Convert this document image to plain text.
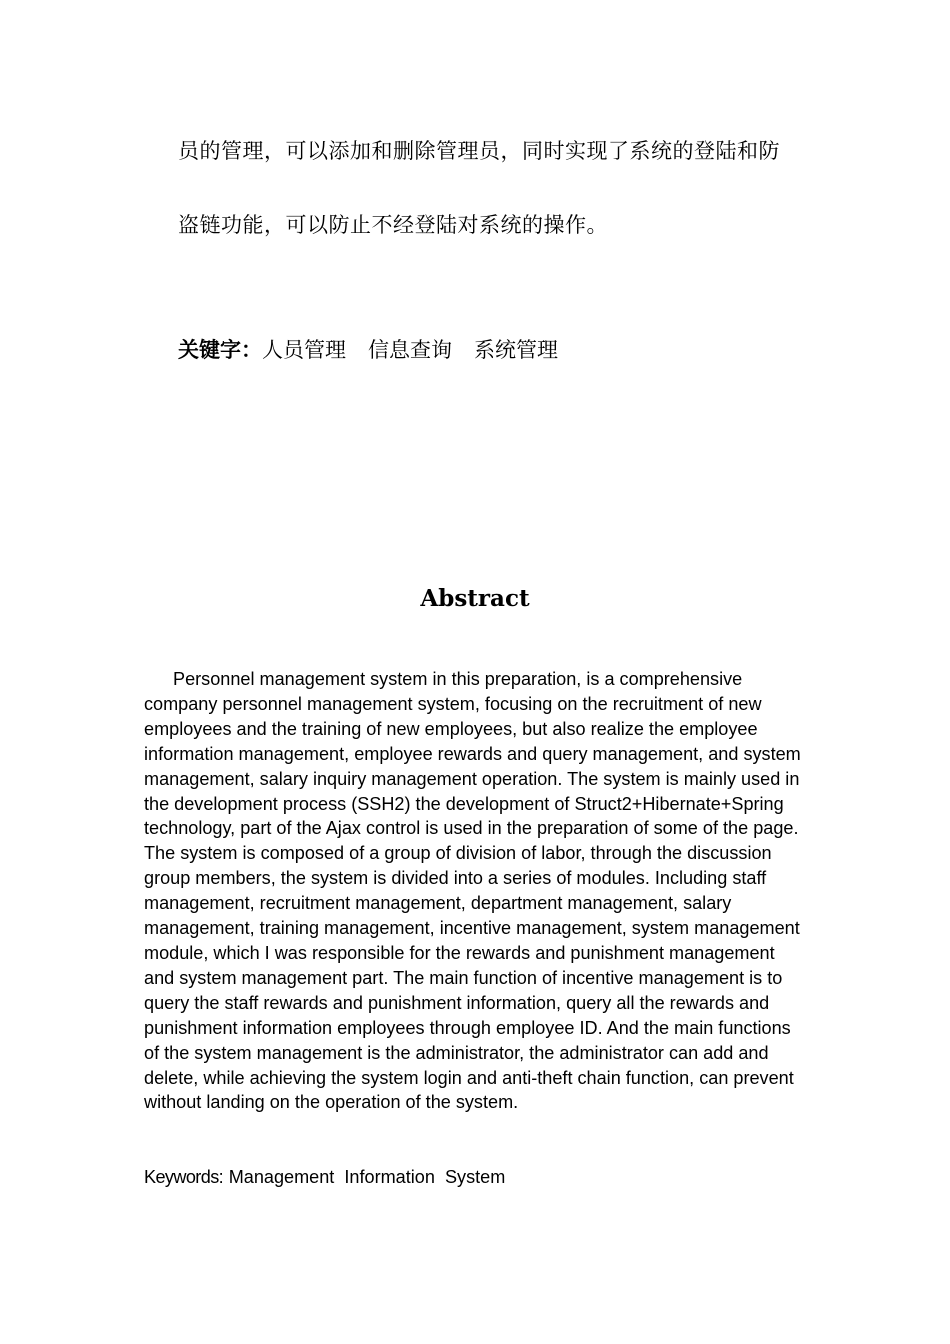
员的管理，可以添加和删除管理员，同时实现了系统的登陆和防
盗链功能，可以防止不经登陆对系统的操作。
关键字：人员管理 信息查询 系统管理
Abstract

Personnel management system in this preparation, is a comprehensive company personnel management system, focusing on the recruitment of new employees and the training of new employees, but also realize the employee information management, employee rewards and query management, and system management, salary inquiry management operation. The system is mainly used in the development process (SSH2) the development of Struct2+Hibernate+Spring technology, part of the Ajax control is used in the preparation of some of the page. The system is composed of a group of division of labor, through the discussion group members, the system is divided into a series of modules. Including staff management, recruitment management, department management, salary management, training management, incentive management, system management module, which I was responsible for the rewards and punishment management and system management part. The main function of incentive management is to query the staff rewards and punishment information, query all the rewards and punishment information employees through employee ID. And the main functions of the system management is the administrator, the administrator can add and delete, while achieving the system login and anti-theft chain function, can prevent without landing on the operation of the system.

Keywords: Management Information System
